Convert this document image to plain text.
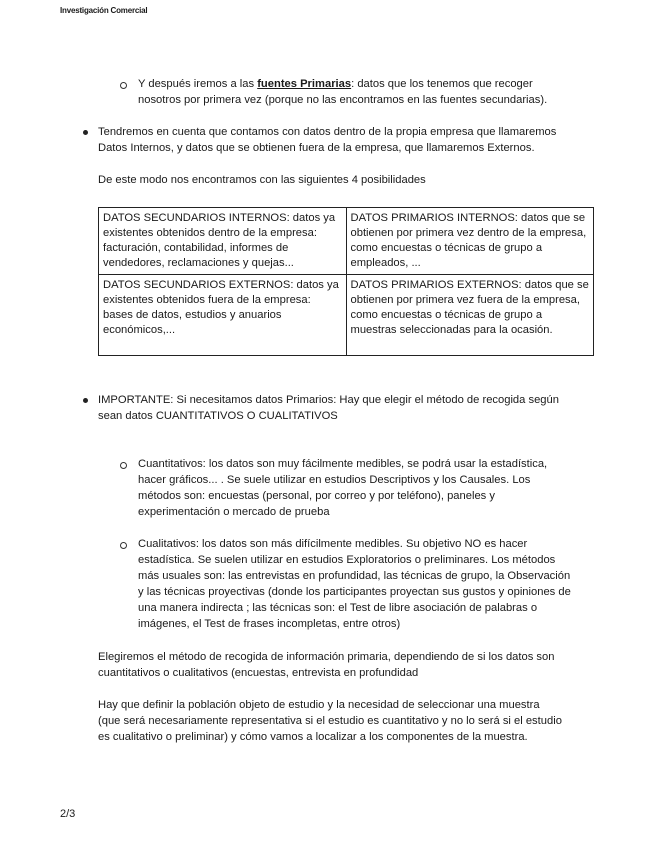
Investigación Comercial

Y después iremos a las fuentes Primarias: datos que los tenemos que recoger

nosotros por primera vez (porque no las encontramos en las fuentes secundarias).

Tendremos en cuenta que contamos con datos dentro de la propia empresa que llamaremos

Datos Internos, y datos que se obtienen fuera de la empresa, que llamaremos Externos.

De este modo nos encontramos con las siguientes 4 posibilidades

DATOS SECUNDARIOS INTERNOS: datos ya existentes obtenidos dentro de la empresa: facturación, contabilidad, informes de vendedores, reclamaciones y quejas...	DATOS PRIMARIOS INTERNOS: datos que se obtienen por primera vez dentro de la empresa, como encuestas o técnicas de grupo a empleados, ...
DATOS SECUNDARIOS EXTERNOS: datos ya existentes obtenidos fuera de la empresa: bases de datos, estudios y anuarios económicos,...	DATOS PRIMARIOS EXTERNOS: datos que se obtienen por primera vez fuera de la empresa, como encuestas o técnicas de grupo a muestras seleccionadas para la ocasión.

IMPORTANTE: Si necesitamos datos Primarios: Hay que elegir el método de recogida según

sean datos CUANTITATIVOS O CUALITATIVOS

Cuantitativos: los datos son muy fácilmente medibles, se podrá usar la estadística,

hacer gráficos... . Se suele utilizar en estudios Descriptivos y los Causales. Los

métodos son: encuestas (personal, por correo y por teléfono), paneles y

experimentación o mercado de prueba

Cualitativos: los datos son más difícilmente medibles. Su objetivo NO es hacer

estadística. Se suelen utilizar en estudios Exploratorios o preliminares. Los métodos

más usuales son: las entrevistas en profundidad, las técnicas de grupo, la Observación

y las técnicas proyectivas (donde los participantes proyectan sus gustos y opiniones de

una manera indirecta ; las técnicas son: el Test de libre asociación de palabras o

imágenes, el Test de frases incompletas, entre otros)

Elegiremos el método de recogida de información primaria, dependiendo de si los datos son

cuantitativos o cualitativos (encuestas, entrevista en profundidad

Hay que definir la población objeto de estudio y la necesidad de seleccionar una muestra

(que será necesariamente representativa si el estudio es cuantitativo y no lo será si el estudio

es cualitativo o preliminar) y cómo vamos a localizar a los componentes de la muestra.

2/3
